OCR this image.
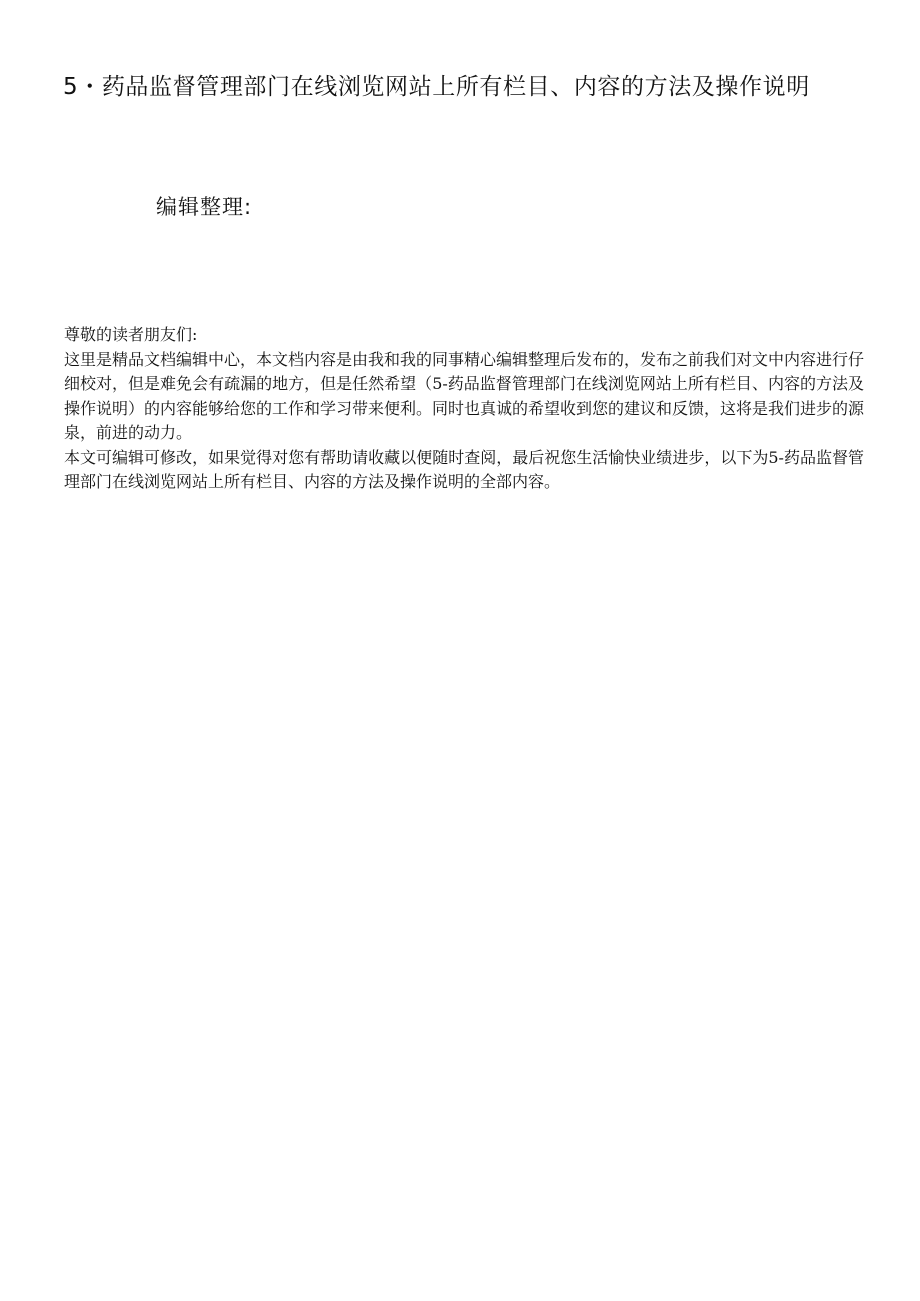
5・药品监督管理部门在线浏览网站上所有栏目、内容的方法及操作说明
编辑整理:

尊敬的读者朋友们:

这里是精品文档编辑中心，本文档内容是由我和我的同事精心编辑整理后发布的，发布之前我们对文中内容进行仔细校对，但是难免会有疏漏的地方，但是任然希望（5-药品监督管理部门在线浏览网站上所有栏目、内容的方法及操作说明）的内容能够给您的工作和学习带来便利。同时也真诚的希望收到您的建议和反馈，这将是我们进步的源泉，前进的动力。

本文可编辑可修改，如果觉得对您有帮助请收藏以便随时查阅，最后祝您生活愉快业绩进步，以下为5-药品监督管理部门在线浏览网站上所有栏目、内容的方法及操作说明的全部内容。
